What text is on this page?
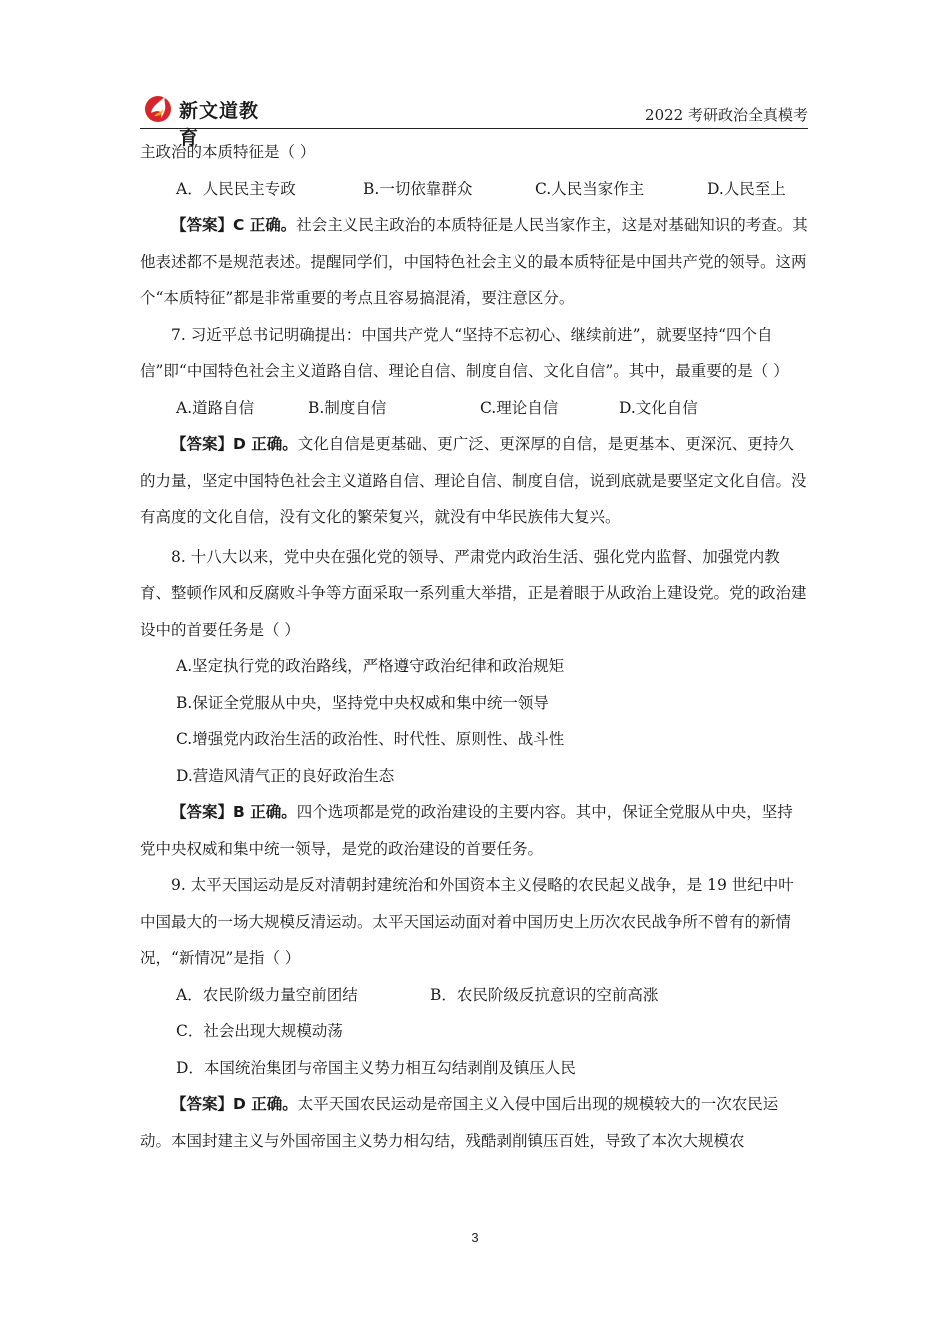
新文道教育
2022 考研政治全真模考

主政治的本质特征是（ ）

A．人民民主专政	B.一切依靠群众	C.人民当家作主	D.人民至上

【答案】C 正确。社会主义民主政治的本质特征是人民当家作主，这是对基础知识的考查。其他表述都不是规范表述。提醒同学们，中国特色社会主义的最本质特征是中国共产党的领导。这两个“本质特征”都是非常重要的考点且容易搞混淆，要注意区分。

7. 习近平总书记明确提出：中国共产党人“坚持不忘初心、继续前进”，就要坚持“四个自信”即“中国特色社会主义道路自信、理论自信、制度自信、文化自信”。其中，最重要的是（ ）

A.道路自信	B.制度自信	C.理论自信	D.文化自信

【答案】D 正确。文化自信是更基础、更广泛、更深厚的自信，是更基本、更深沉、更持久的力量，坚定中国特色社会主义道路自信、理论自信、制度自信，说到底就是要坚定文化自信。没有高度的文化自信，没有文化的繁荣复兴，就没有中华民族伟大复兴。

8. 十八大以来，党中央在强化党的领导、严肃党内政治生活、强化党内监督、加强党内教育、整顿作风和反腐败斗争等方面采取一系列重大举措，正是着眼于从政治上建设党。党的政治建设中的首要任务是（ ）

A.坚定执行党的政治路线，严格遵守政治纪律和政治规矩
B.保证全党服从中央，坚持党中央权威和集中统一领导
C.增强党内政治生活的政治性、时代性、原则性、战斗性
D.营造风清气正的良好政治生态

【答案】B 正确。四个选项都是党的政治建设的主要内容。其中，保证全党服从中央，坚持党中央权威和集中统一领导，是党的政治建设的首要任务。

9. 太平天国运动是反对清朝封建统治和外国资本主义侵略的农民起义战争，是 19 世纪中叶中国最大的一场大规模反清运动。太平天国运动面对着中国历史上历次农民战争所不曾有的新情况，“新情况”是指（ ）

A．农民阶级力量空前团结	B．农民阶级反抗意识的空前高涨
C．社会出现大规模动荡
D．本国统治集团与帝国主义势力相互勾结剥削及镇压人民

【答案】D 正确。太平天国农民运动是帝国主义入侵中国后出现的规模较大的一次农民运动。本国封建主义与外国帝国主义势力相勾结，残酷剥削镇压百姓，导致了本次大规模农

3
